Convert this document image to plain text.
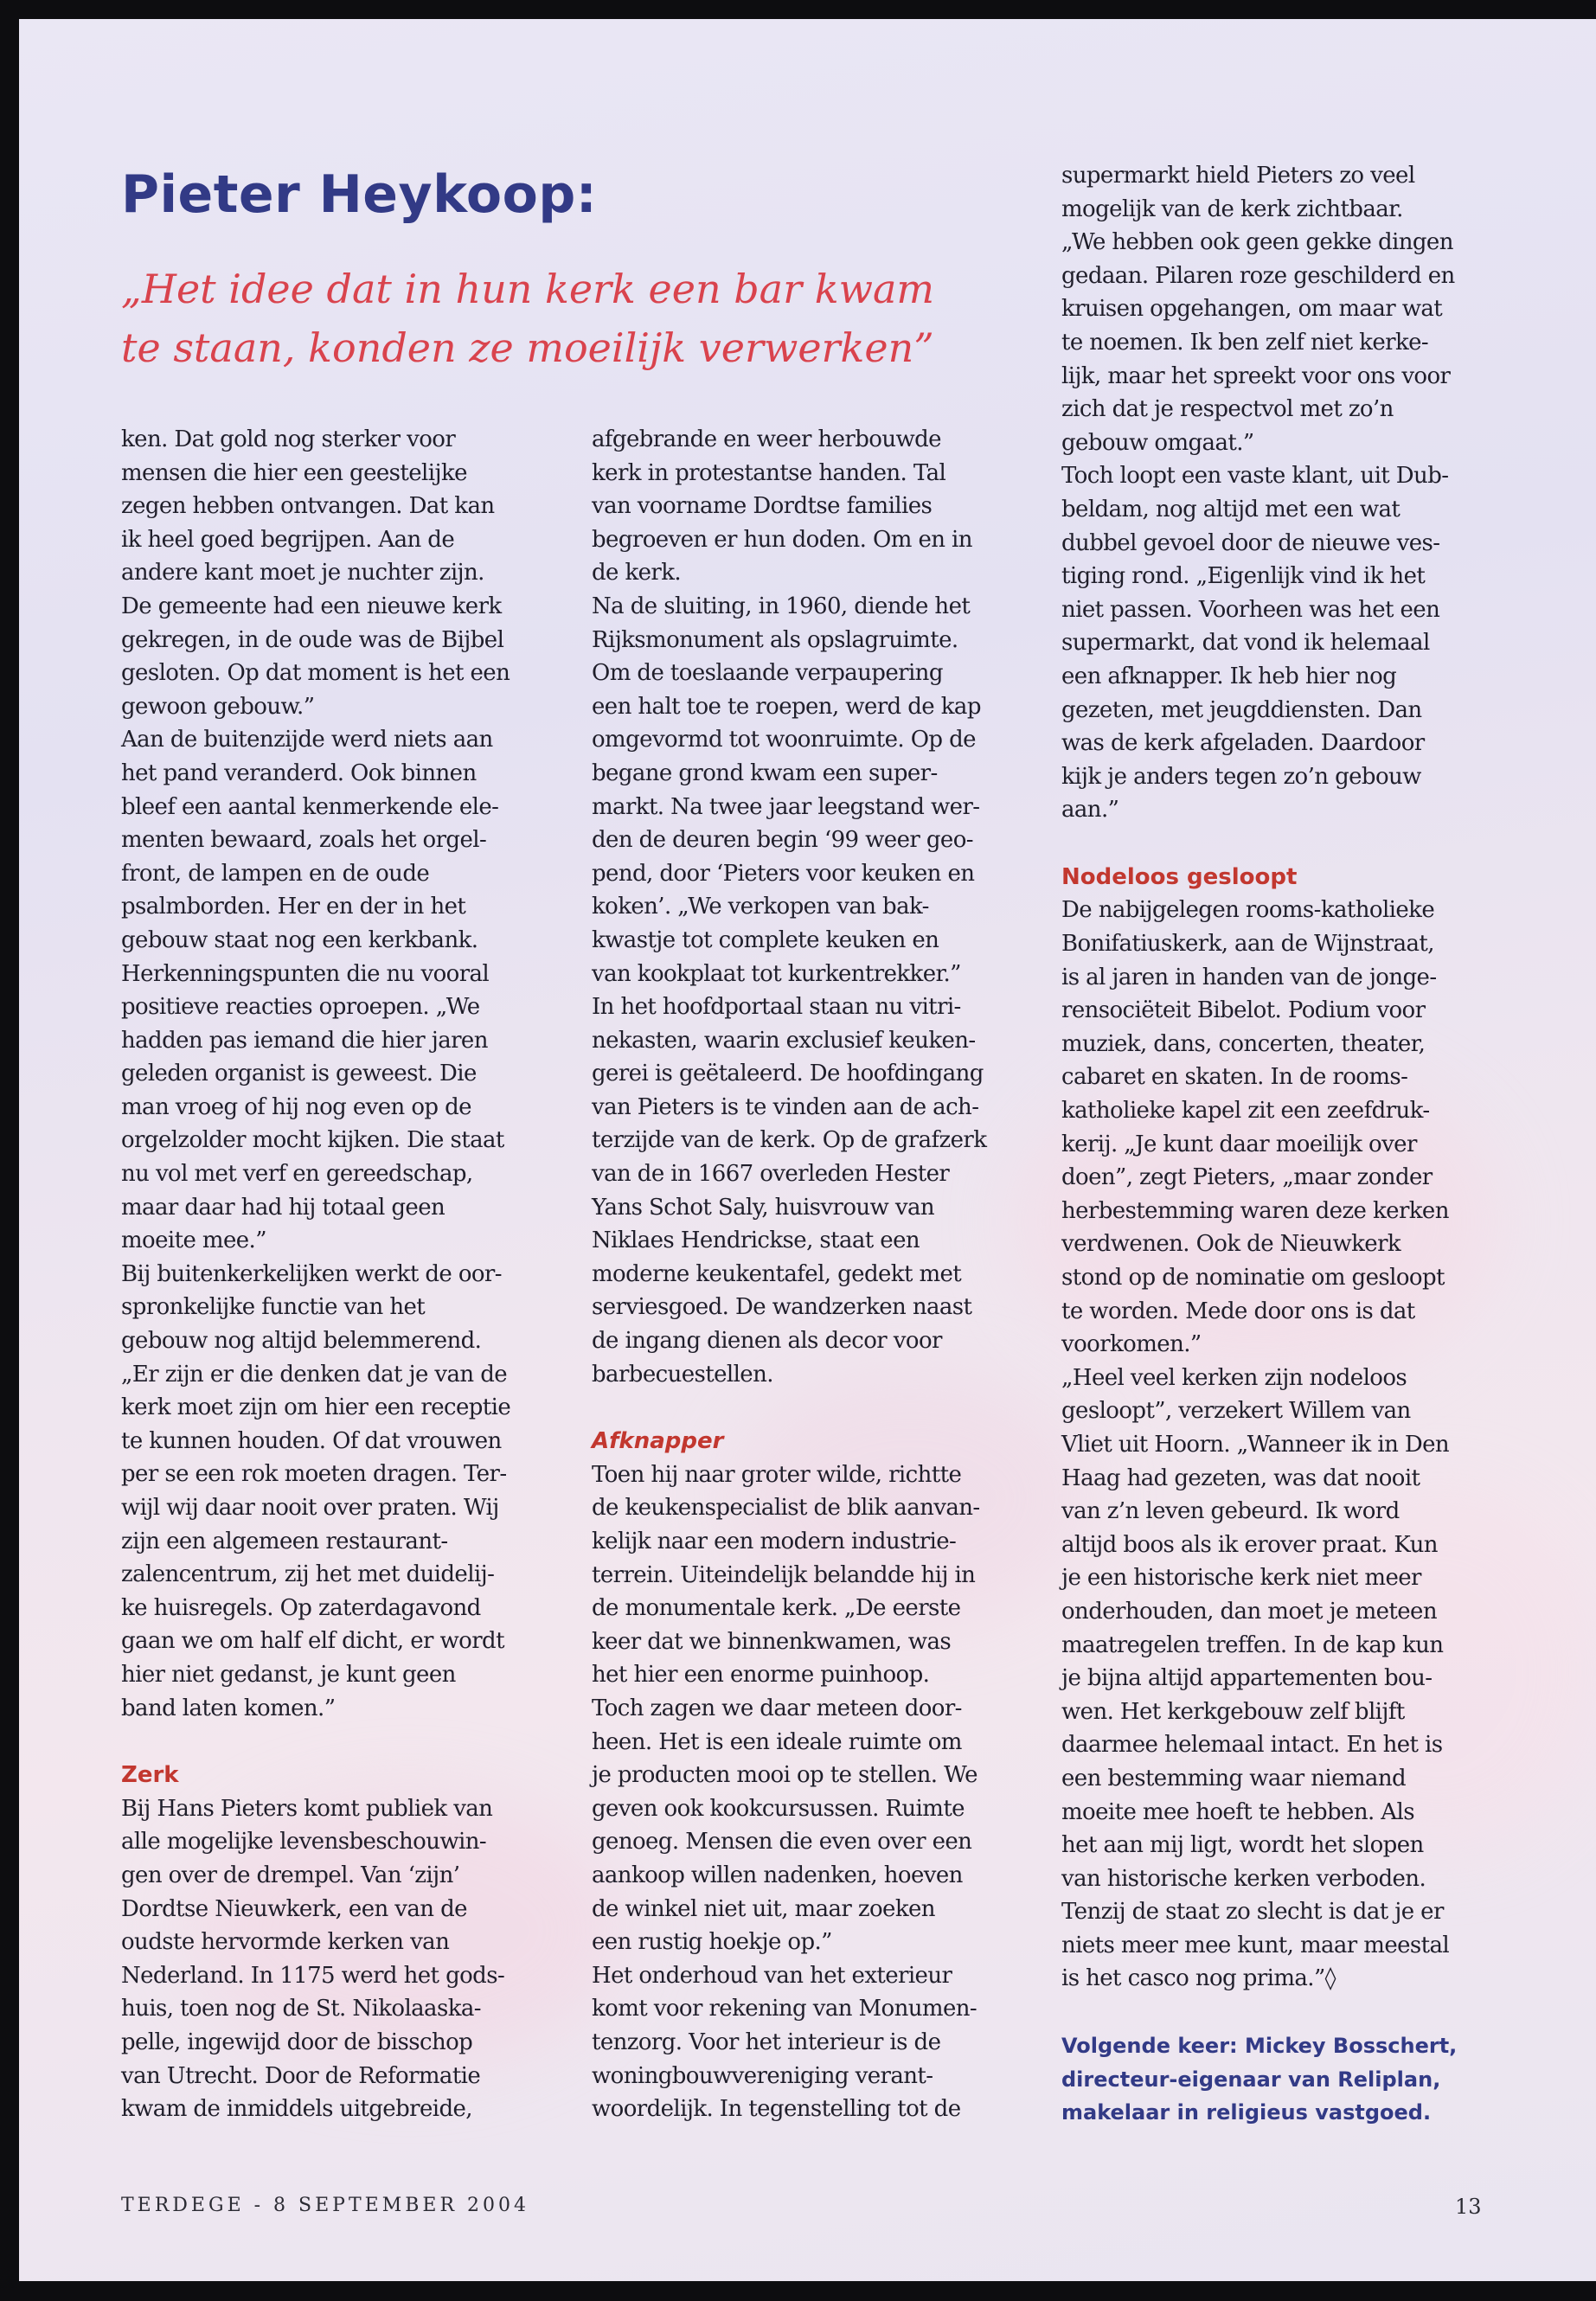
Pieter Heykoop:
„Het idee dat in hun kerk een bar kwam te staan, konden ze moeilijk verwerken”

ken. Dat gold nog sterker voor

mensen die hier een geestelijke

zegen hebben ontvangen. Dat kan

ik heel goed begrijpen. Aan de

andere kant moet je nuchter zijn.

De gemeente had een nieuwe kerk

gekregen, in de oude was de Bijbel

gesloten. Op dat moment is het een

gewoon gebouw.”

Aan de buitenzijde werd niets aan

het pand veranderd. Ook binnen

bleef een aantal kenmerkende ele-

menten bewaard, zoals het orgel-

front, de lampen en de oude

psalmborden. Her en der in het

gebouw staat nog een kerkbank.

Herkenningspunten die nu vooral

positieve reacties oproepen. „We

hadden pas iemand die hier jaren

geleden organist is geweest. Die

man vroeg of hij nog even op de

orgelzolder mocht kijken. Die staat

nu vol met verf en gereedschap,

maar daar had hij totaal geen

moeite mee.”

Bij buitenkerkelijken werkt de oor-

spronkelijke functie van het

gebouw nog altijd belemmerend.

„Er zijn er die denken dat je van de

kerk moet zijn om hier een receptie

te kunnen houden. Of dat vrouwen

per se een rok moeten dragen. Ter-

wijl wij daar nooit over praten. Wij

zijn een algemeen restaurant-

zalencentrum, zij het met duidelij-

ke huisregels. Op zaterdagavond

gaan we om half elf dicht, er wordt

hier niet gedanst, je kunt geen

band laten komen.”

Zerk

Bij Hans Pieters komt publiek van

alle mogelijke levensbeschouwin-

gen over de drempel. Van ‘zijn’

Dordtse Nieuwkerk, een van de

oudste hervormde kerken van

Nederland. In 1175 werd het gods-

huis, toen nog de St. Nikolaaska-

pelle, ingewijd door de bisschop

van Utrecht. Door de Reformatie

kwam de inmiddels uitgebreide,

afgebrande en weer herbouwde

kerk in protestantse handen. Tal

van voorname Dordtse families

begroeven er hun doden. Om en in

de kerk.

Na de sluiting, in 1960, diende het

Rijksmonument als opslagruimte.

Om de toeslaande verpaupering

een halt toe te roepen, werd de kap

omgevormd tot woonruimte. Op de

begane grond kwam een super-

markt. Na twee jaar leegstand wer-

den de deuren begin ‘99 weer geo-

pend, door ‘Pieters voor keuken en

koken’. „We verkopen van bak-

kwastje tot complete keuken en

van kookplaat tot kurkentrekker.”

In het hoofdportaal staan nu vitri-

nekasten, waarin exclusief keuken-

gerei is geëtaleerd. De hoofdingang

van Pieters is te vinden aan de ach-

terzijde van de kerk. Op de grafzerk

van de in 1667 overleden Hester

Yans Schot Saly, huisvrouw van

Niklaes Hendrickse, staat een

moderne keukentafel, gedekt met

serviesgoed. De wandzerken naast

de ingang dienen als decor voor

barbecuestellen.

Afknapper

Toen hij naar groter wilde, richtte

de keukenspecialist de blik aanvan-

kelijk naar een modern industrie-

terrein. Uiteindelijk belandde hij in

de monumentale kerk. „De eerste

keer dat we binnenkwamen, was

het hier een enorme puinhoop.

Toch zagen we daar meteen door-

heen. Het is een ideale ruimte om

je producten mooi op te stellen. We

geven ook kookcursussen. Ruimte

genoeg. Mensen die even over een

aankoop willen nadenken, hoeven

de winkel niet uit, maar zoeken

een rustig hoekje op.”

Het onderhoud van het exterieur

komt voor rekening van Monumen-

tenzorg. Voor het interieur is de

woningbouwvereniging verant-

woordelijk. In tegenstelling tot de

supermarkt hield Pieters zo veel

mogelijk van de kerk zichtbaar.

„We hebben ook geen gekke dingen

gedaan. Pilaren roze geschilderd en

kruisen opgehangen, om maar wat

te noemen. Ik ben zelf niet kerke-

lijk, maar het spreekt voor ons voor

zich dat je respectvol met zo’n

gebouw omgaat.”

Toch loopt een vaste klant, uit Dub-

beldam, nog altijd met een wat

dubbel gevoel door de nieuwe ves-

tiging rond. „Eigenlijk vind ik het

niet passen. Voorheen was het een

supermarkt, dat vond ik helemaal

een afknapper. Ik heb hier nog

gezeten, met jeugddiensten. Dan

was de kerk afgeladen. Daardoor

kijk je anders tegen zo’n gebouw

aan.”

Nodeloos gesloopt

De nabijgelegen rooms-katholieke

Bonifatiuskerk, aan de Wijnstraat,

is al jaren in handen van de jonge-

rensociëteit Bibelot. Podium voor

muziek, dans, concerten, theater,

cabaret en skaten. In de rooms-

katholieke kapel zit een zeefdruk-

kerij. „Je kunt daar moeilijk over

doen”, zegt Pieters, „maar zonder

herbestemming waren deze kerken

verdwenen. Ook de Nieuwkerk

stond op de nominatie om gesloopt

te worden. Mede door ons is dat

voorkomen.”

„Heel veel kerken zijn nodeloos

gesloopt”, verzekert Willem van

Vliet uit Hoorn. „Wanneer ik in Den

Haag had gezeten, was dat nooit

van z’n leven gebeurd. Ik word

altijd boos als ik erover praat. Kun

je een historische kerk niet meer

onderhouden, dan moet je meteen

maatregelen treffen. In de kap kun

je bijna altijd appartementen bou-

wen. Het kerkgebouw zelf blijft

daarmee helemaal intact. En het is

een bestemming waar niemand

moeite mee hoeft te hebben. Als

het aan mij ligt, wordt het slopen

van historische kerken verboden.

Tenzij de staat zo slecht is dat je er

niets meer mee kunt, maar meestal

is het casco nog prima.”◊

Volgende keer: Mickey Bosschert,

directeur-eigenaar van Reliplan,

makelaar in religieus vastgoed.

TERDEGE - 8 SEPTEMBER 2004	13
